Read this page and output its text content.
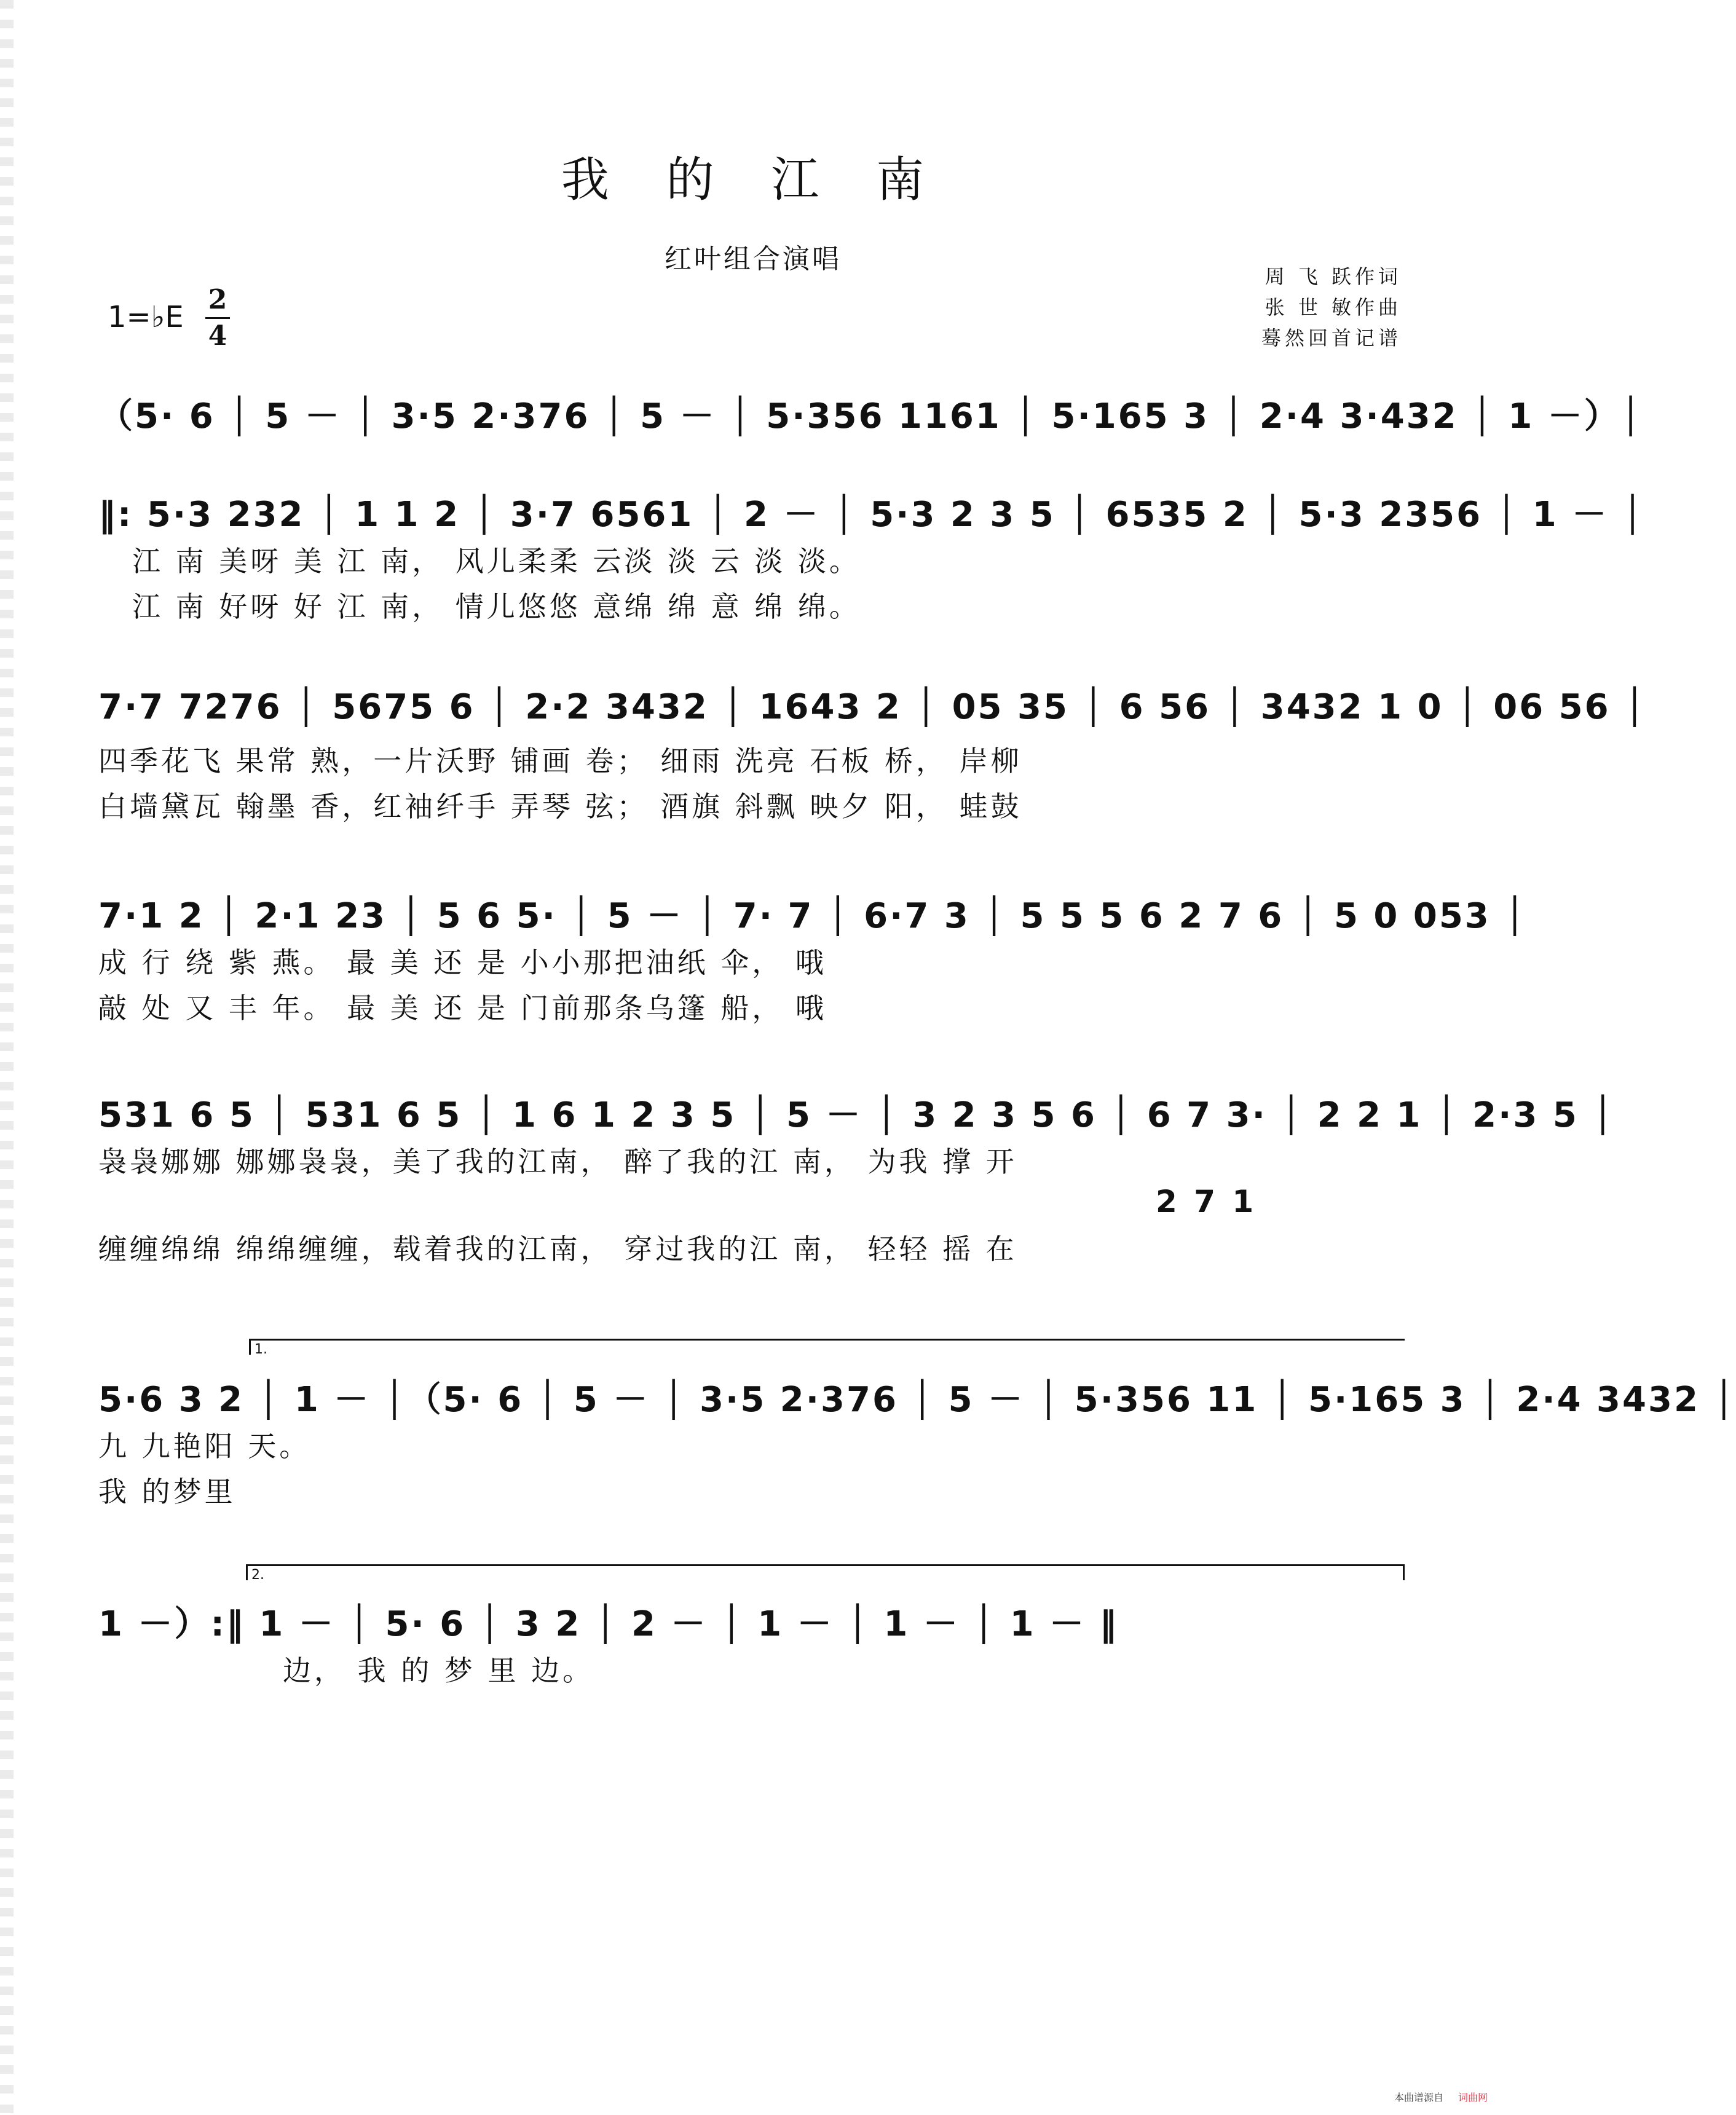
我 的 江 南
红叶组合演唱
周 飞 跃作词
张 世 敏作曲
蓦然回首记谱
1=♭E
2
4
（5· 6 │ 5 － │ 3·5 2·376 │ 5 － │ 5·356 1161 │ 5·165 3 │ 2·4 3·432 │ 1 －）│
‖: 5·3 232 │ 1 1 2 │ 3·7 6561 │ 2 － │ 5·3 2 3 5 │ 6535 2 │ 5·3 2356 │ 1 － │
江 南 美呀 美 江 南， 风儿柔柔 云淡 淡 云 淡 淡。
江 南 好呀 好 江 南， 情儿悠悠 意绵 绵 意 绵 绵。
7·7 7276 │ 5675 6 │ 2·2 3432 │ 1643 2 │ 05 35 │ 6 56 │ 3432 1 0 │ 06 56 │
四季花飞 果常 熟，一片沃野 铺画 卷； 细雨 洗亮 石板 桥， 岸柳
白墙黛瓦 翰墨 香，红袖纤手 弄琴 弦； 酒旗 斜飘 映夕 阳， 蛙鼓
7·1 2 │ 2·1 23 │ 5 6 5· │ 5 － │ 7· 7 │ 6·7 3 │ 5 5 5 6 2 7 6 │ 5 0 053 │
成 行 绕 紫 燕。 最 美 还 是 小小那把油纸 伞， 哦
敲 处 又 丰 年。 最 美 还 是 门前那条乌篷 船， 哦
531 6 5 │ 531 6 5 │ 1 6 1 2 3 5 │ 5 － │ 3 2 3 5 6 │ 6 7 3· │ 2 2 1 │ 2·3 5 │
袅袅娜娜 娜娜袅袅，美了我的江南， 醉了我的江 南， 为我 撑 开
2 7 1
缠缠绵绵 绵绵缠缠，载着我的江南， 穿过我的江 南， 轻轻 摇 在
1.
5·6 3 2 │ 1 － │（5· 6 │ 5 － │ 3·5 2·376 │ 5 － │ 5·356 11 │ 5·165 3 │ 2·4 3432 │
九 九艳阳 天。
我 的梦里
2.
1 －）:‖ 1 － │ 5· 6 │ 3 2 │ 2 － │ 1 － │ 1 － │ 1 － ‖
边， 我 的 梦 里 边。
本曲谱源自 词曲网
